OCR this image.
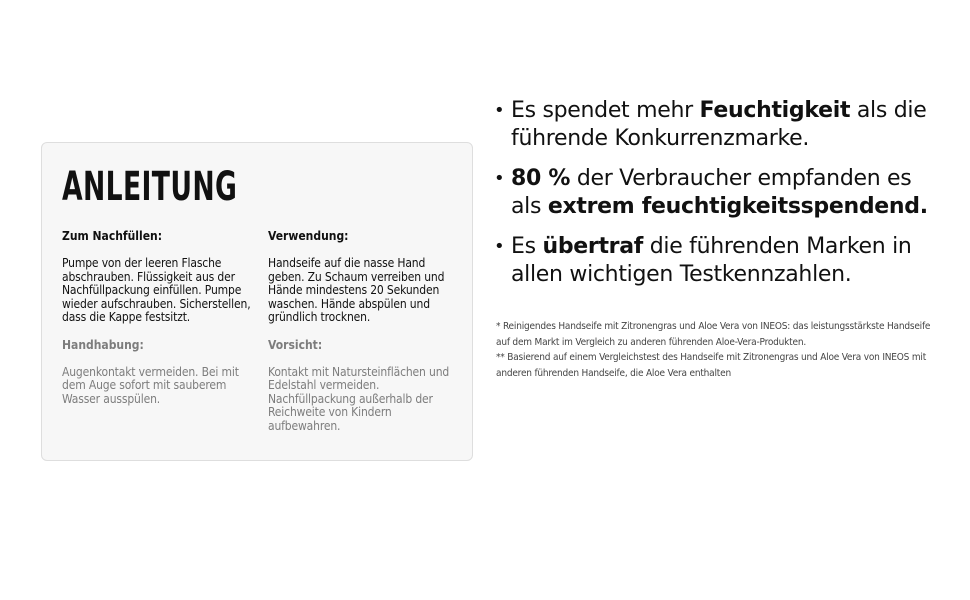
ANLEITUNG

Zum Nachfüllen:

Pumpe von der leeren Flasche abschrauben. Flüssigkeit aus der Nachfüllpackung einfüllen. Pumpe wieder aufschrauben. Sicherstellen, dass die Kappe festsitzt.

Handhabung:

Augenkontakt vermeiden. Bei mit dem Auge sofort mit sauberem Wasser ausspülen.

Verwendung:

Handseife auf die nasse Hand geben. Zu Schaum verreiben und Hände mindestens 20 Sekunden waschen. Hände abspülen und gründlich trocknen.

Vorsicht:

Kontakt mit Natursteinflächen und Edelstahl vermeiden. Nachfüllpackung außerhalb der Reichweite von Kindern aufbewahren.

• Es spendet mehr Feuchtigkeit als die führende Konkurrenzmarke.
• 80 % der Verbraucher empfanden es als extrem feuchtigkeitsspendend.
• Es übertraf die führenden Marken in allen wichtigen Testkennzahlen.

* Reinigendes Handseife mit Zitronengras und Aloe Vera von INEOS: das leistungsstärkste Handseife auf dem Markt im Vergleich zu anderen führenden Aloe-Vera-Produkten.

** Basierend auf einem Vergleichstest des Handseife mit Zitronengras und Aloe Vera von INEOS mit anderen führenden Handseife, die Aloe Vera enthalten
